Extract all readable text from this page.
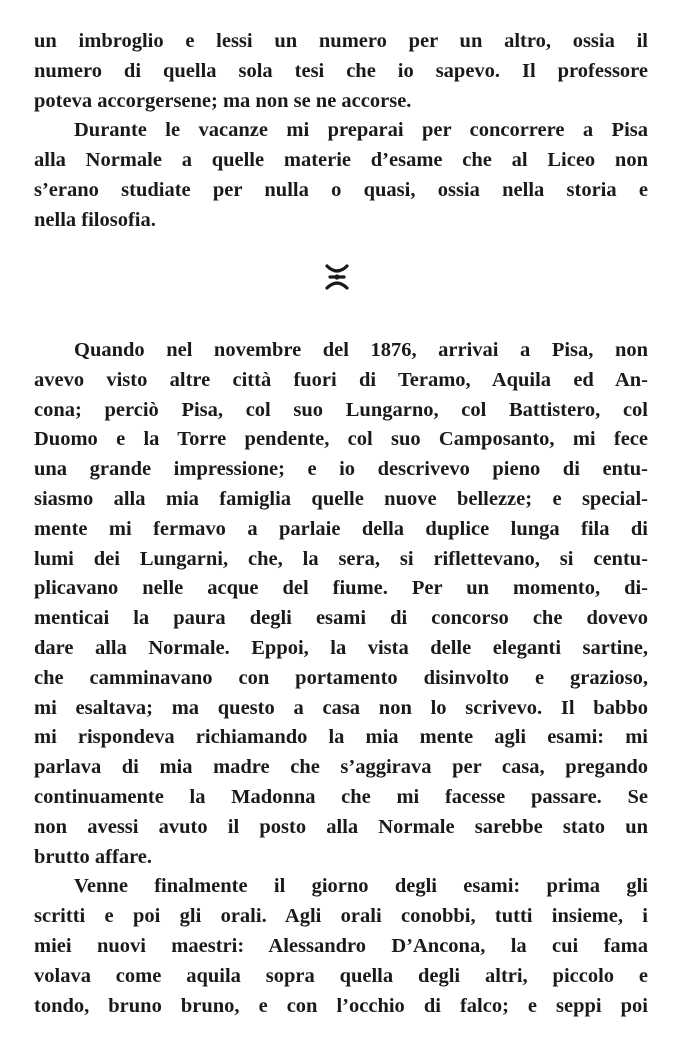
un imbroglio e lessi un numero per un altro, ossia il
numero di quella sola tesi che io sapevo. Il professore
poteva accorgersene; ma non se ne accorse.
Durante le vacanze mi preparai per concorrere a Pisa
alla Normale a quelle materie d’esame che al Liceo non
s’erano studiate per nulla o quasi, ossia nella storia e
nella filosofia.
Quando nel novembre del 1876, arrivai a Pisa, non
avevo visto altre città fuori di Teramo, Aquila ed An-
cona; perciò Pisa, col suo Lungarno, col Battistero, col
Duomo e la Torre pendente, col suo Camposanto, mi fece
una grande impressione; e io descrivevo pieno di entu-
siasmo alla mia famiglia quelle nuove bellezze; e special-
mente mi fermavo a parlaie della duplice lunga fila di
lumi dei Lungarni, che, la sera, si riflettevano, si centu-
plicavano nelle acque del fiume. Per un momento, di-
menticai la paura degli esami di concorso che dovevo
dare alla Normale. Eppoi, la vista delle eleganti sartine,
che camminavano con portamento disinvolto e grazioso,
mi esaltava; ma questo a casa non lo scrivevo. Il babbo
mi rispondeva richiamando la mia mente agli esami: mi
parlava di mia madre che s’aggirava per casa, pregando
continuamente la Madonna che mi facesse passare. Se
non avessi avuto il posto alla Normale sarebbe stato un
brutto affare.
Venne finalmente il giorno degli esami: prima gli
scritti e poi gli orali. Agli orali conobbi, tutti insieme, i
miei nuovi maestri: Alessandro D’Ancona, la cui fama
volava come aquila sopra quella degli altri, piccolo e
tondo, bruno bruno, e con l’occhio di falco; e seppi poi
